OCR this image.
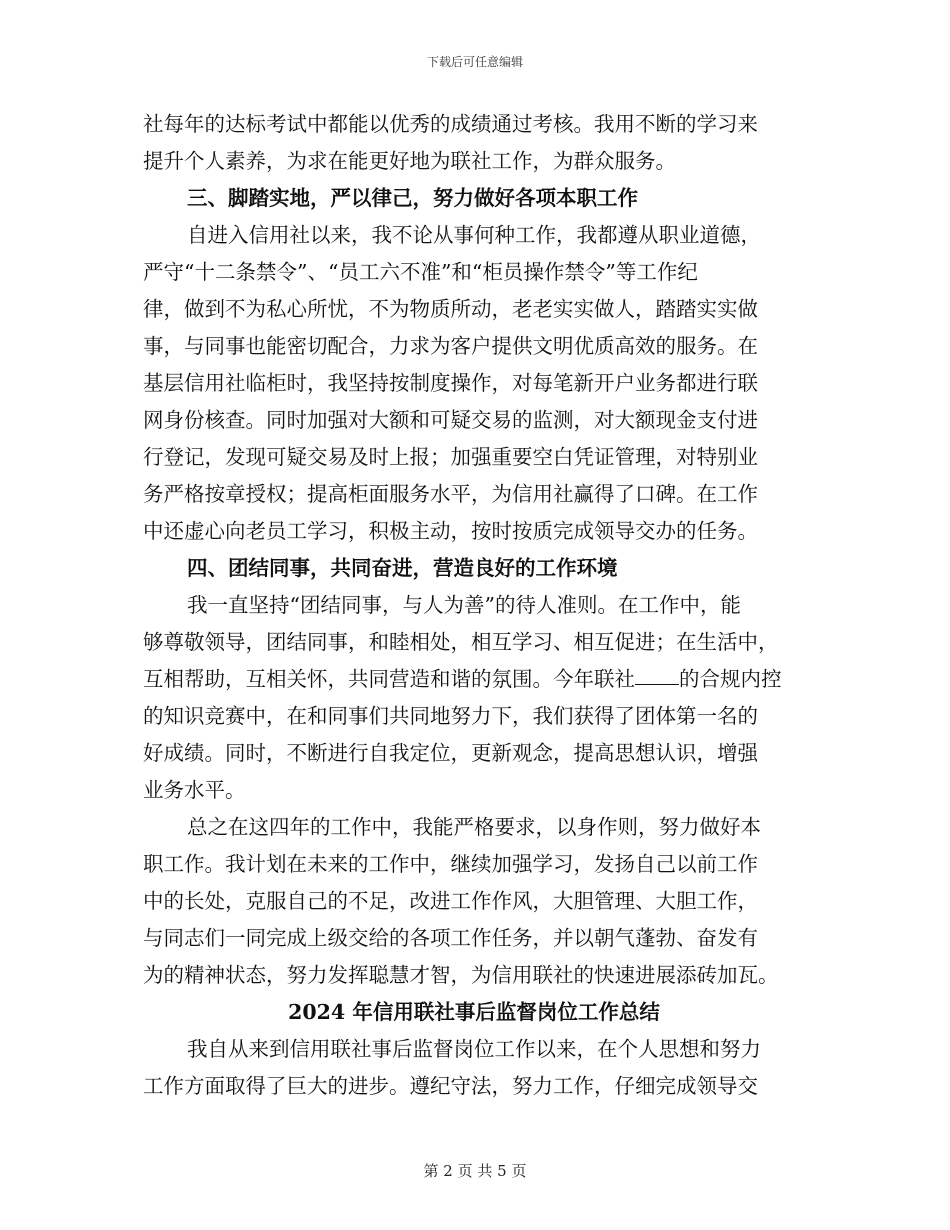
下载后可任意编辑
社每年的达标考试中都能以优秀的成绩通过考核。我用不断的学习来
提升个人素养，为求在能更好地为联社工作，为群众服务。
三、脚踏实地，严以律己，努力做好各项本职工作
自进入信用社以来，我不论从事何种工作，我都遵从职业道德，
严守“十二条禁令”、“员工六不准”和“柜员操作禁令”等工作纪
律，做到不为私心所忧，不为物质所动，老老实实做人，踏踏实实做
事，与同事也能密切配合，力求为客户提供文明优质高效的服务。在
基层信用社临柜时，我坚持按制度操作，对每笔新开户业务都进行联
网身份核查。同时加强对大额和可疑交易的监测，对大额现金支付进
行登记，发现可疑交易及时上报；加强重要空白凭证管理，对特别业
务严格按章授权；提高柜面服务水平，为信用社赢得了口碑。在工作
中还虚心向老员工学习，积极主动，按时按质完成领导交办的任务。
四、团结同事，共同奋进，营造良好的工作环境
我一直坚持“团结同事，与人为善”的待人准则。在工作中，能
够尊敬领导，团结同事，和睦相处，相互学习、相互促进；在生活中，
互相帮助，互相关怀，共同营造和谐的氛围。今年联社 的合规内控
的知识竞赛中，在和同事们共同地努力下，我们获得了团体第一名的
好成绩。同时，不断进行自我定位，更新观念，提高思想认识，增强
业务水平。
总之在这四年的工作中，我能严格要求，以身作则，努力做好本
职工作。我计划在未来的工作中，继续加强学习，发扬自己以前工作
中的长处，克服自己的不足，改进工作作风，大胆管理、大胆工作，
与同志们一同完成上级交给的各项工作任务，并以朝气蓬勃、奋发有
为的精神状态，努力发挥聪慧才智，为信用联社的快速进展添砖加瓦。
2024 年信用联社事后监督岗位工作总结
我自从来到信用联社事后监督岗位工作以来，在个人思想和努力
工作方面取得了巨大的进步。遵纪守法，努力工作，仔细完成领导交
第 2 页 共 5 页
